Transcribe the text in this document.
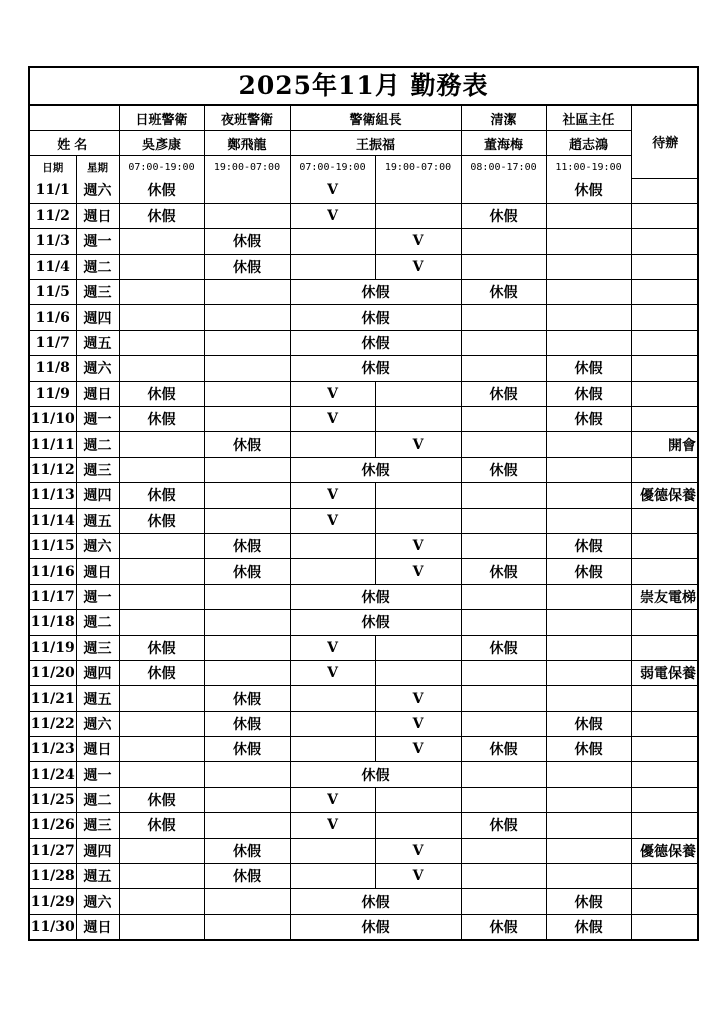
2025年11月 勤務表
		日班警衛	夜班警衛	警衛組長		清潔	社區主任	待辦
姓名		吳彥康	鄭飛龍	王振福		董海梅	趙志鴻	
日期	星期	07:00-19:00	19:00-07:00	07:00-19:00	19:00-07:00	08:00-17:00	11:00-19:00	
11/1	週六	休假		V			休假	
11/2	週日	休假		V		休假		
11/3	週一		休假		V			
11/4	週二		休假		V			
11/5	週三			休假		休假		
11/6	週四			休假				
11/7	週五			休假				
11/8	週六			休假			休假	
11/9	週日	休假		V		休假	休假	
11/10	週一	休假		V			休假	
11/11	週二		休假		V			開會
11/12	週三			休假		休假		
11/13	週四	休假		V				優德保養
11/14	週五	休假		V				
11/15	週六		休假		V		休假	
11/16	週日		休假		V	休假	休假	
11/17	週一			休假				崇友電梯
11/18	週二			休假				
11/19	週三	休假		V		休假		
11/20	週四	休假		V				弱電保養
11/21	週五		休假		V			
11/22	週六		休假		V		休假	
11/23	週日		休假		V	休假	休假	
11/24	週一			休假				
11/25	週二	休假		V				
11/26	週三	休假		V		休假		
11/27	週四		休假		V			優德保養
11/28	週五		休假		V			
11/29	週六			休假			休假	
11/30	週日			休假		休假	休假	
